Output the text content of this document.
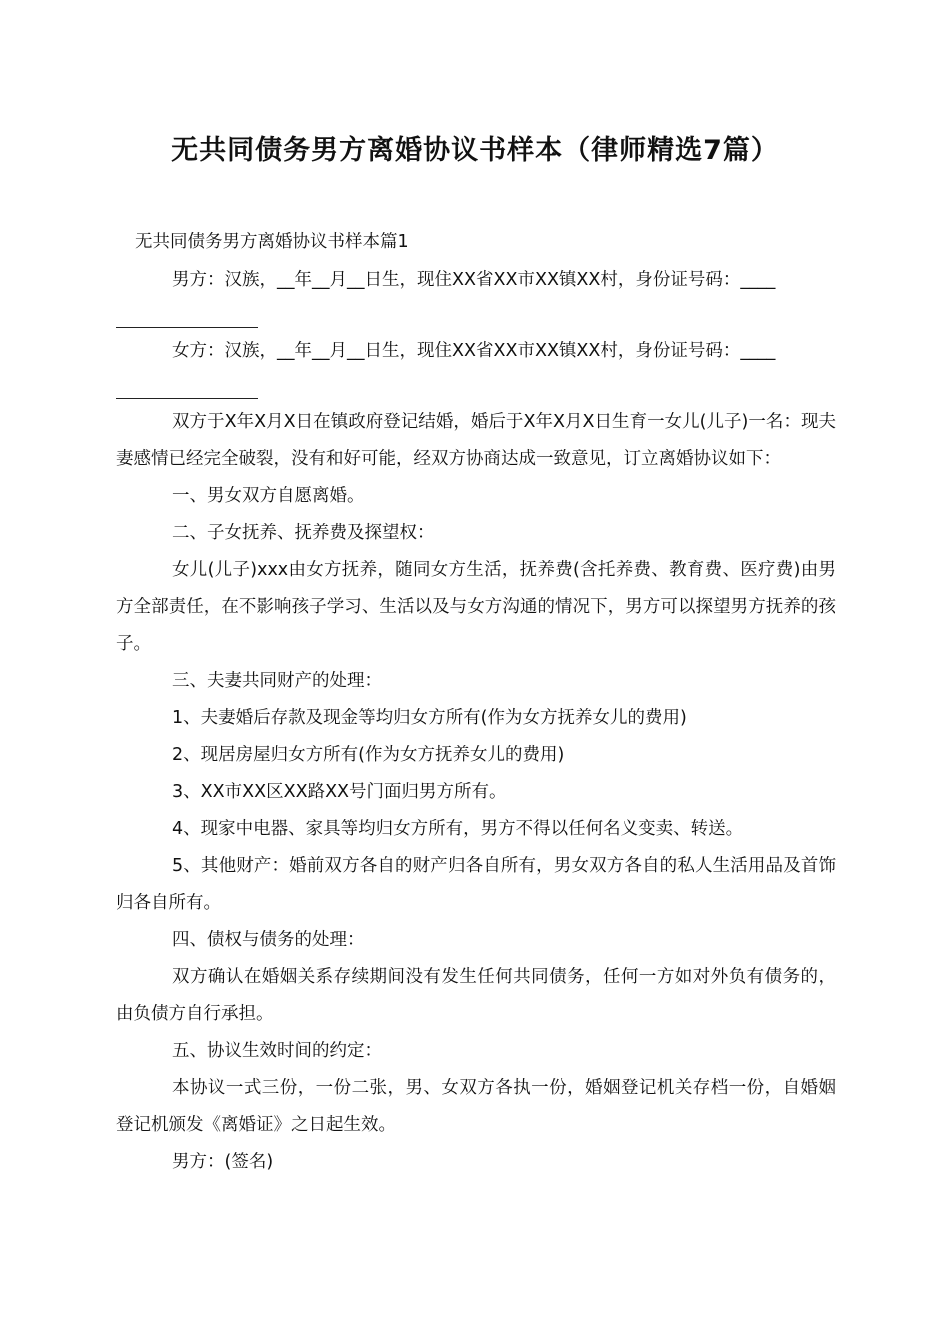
无共同债务男方离婚协议书样本（律师精选7篇）
无共同债务男方离婚协议书样本篇1

男方：汉族，__年__月__日生，现住XX省XX市XX镇XX村，身份证号码：____

女方：汉族，__年__月__日生，现住XX省XX市XX镇XX村，身份证号码：____

双方于X年X月X日在镇政府登记结婚，婚后于X年X月X日生育一女儿(儿子)一名：现夫妻感情已经完全破裂，没有和好可能，经双方协商达成一致意见，订立离婚协议如下：

一、男女双方自愿离婚。

二、子女抚养、抚养费及探望权：

女儿(儿子)xxx由女方抚养，随同女方生活，抚养费(含托养费、教育费、医疗费)由男方全部责任，在不影响孩子学习、生活以及与女方沟通的情况下，男方可以探望男方抚养的孩子。

三、夫妻共同财产的处理：

1、夫妻婚后存款及现金等均归女方所有(作为女方抚养女儿的费用)

2、现居房屋归女方所有(作为女方抚养女儿的费用)

3、XX市XX区XX路XX号门面归男方所有。

4、现家中电器、家具等均归女方所有，男方不得以任何名义变卖、转送。

5、其他财产：婚前双方各自的财产归各自所有，男女双方各自的私人生活用品及首饰归各自所有。

四、债权与债务的处理：

双方确认在婚姻关系存续期间没有发生任何共同债务，任何一方如对外负有债务的，由负债方自行承担。

五、协议生效时间的约定：

本协议一式三份，一份二张，男、女双方各执一份，婚姻登记机关存档一份，自婚姻登记机颁发《离婚证》之日起生效。

男方：(签名)
